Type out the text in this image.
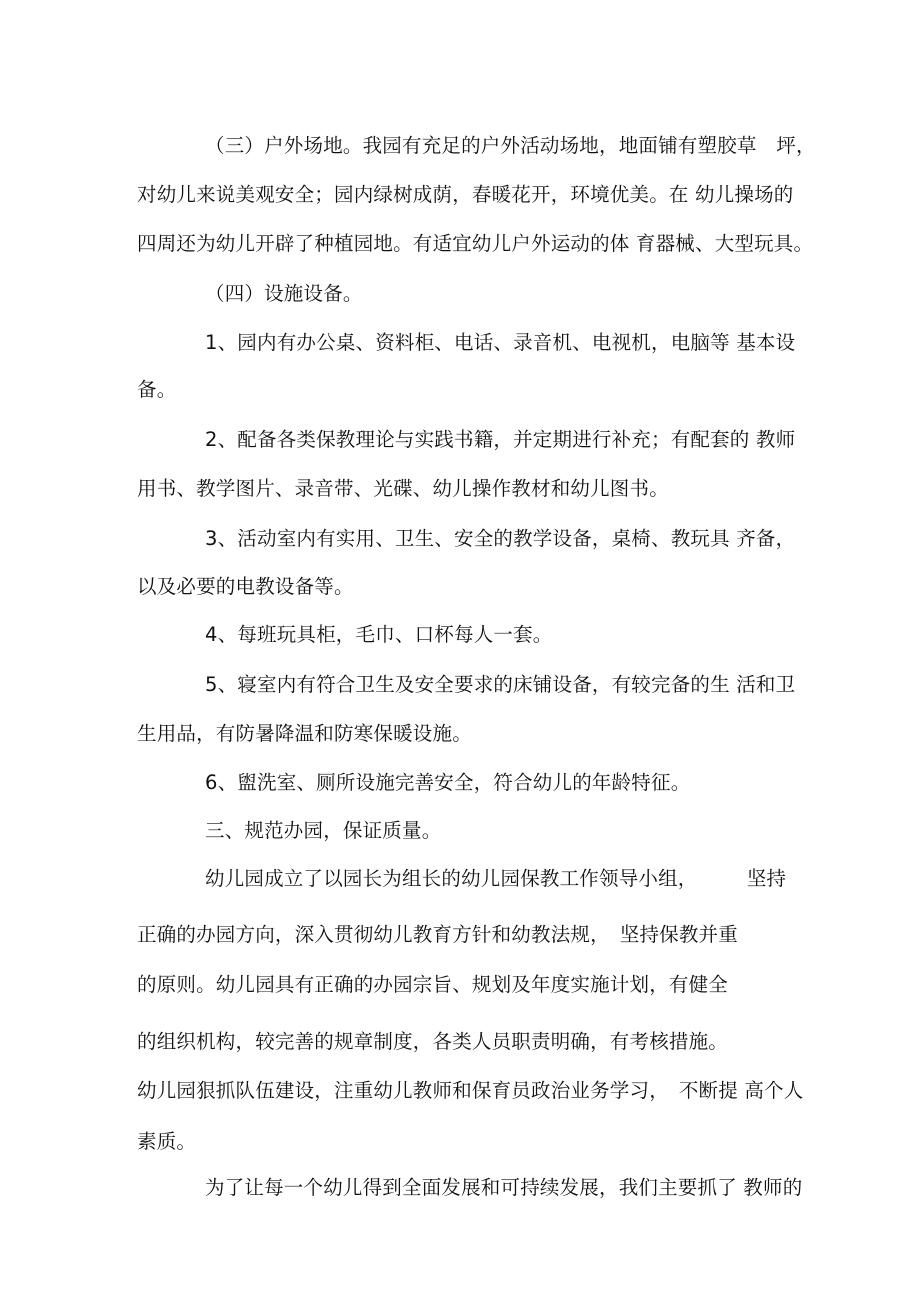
（三）户外场地。我园有充足的户外活动场地，地面铺有塑胶草　坪，
对幼儿来说美观安全；园内绿树成荫，春暖花开，环境优美。在 幼儿操场的
四周还为幼儿开辟了种植园地。有适宜幼儿户外运动的体 育器械、大型玩具。
（四）设施设备。
1、园内有办公桌、资料柜、电话、录音机、电视机，电脑等 基本设
备。
2、配备各类保教理论与实践书籍，并定期进行补充；有配套的 教师
用书、教学图片、录音带、光碟、幼儿操作教材和幼儿图书。
3、活动室内有实用、卫生、安全的教学设备，桌椅、教玩具 齐备，
以及必要的电教设备等。
4、每班玩具柜，毛巾、口杯每人一套。
5、寝室内有符合卫生及安全要求的床铺设备，有较完备的生 活和卫
生用品，有防暑降温和防寒保暖设施。
6、盥洗室、厕所设施完善安全，符合幼儿的年龄特征。
三、规范办园，保证质量。
幼儿园成立了以园长为组长的幼儿园保教工作领导小组，　　　坚持
正确的办园方向，深入贯彻幼儿教育方针和幼教法规，　坚持保教并重
的原则。幼儿园具有正确的办园宗旨、规划及年度实施计划，有健全
的组织机构，较完善的规章制度，各类人员职责明确，有考核措施。
幼儿园狠抓队伍建设，注重幼儿教师和保育员政治业务学习，　不断提 高个人
素质。
为了让每一个幼儿得到全面发展和可持续发展，我们主要抓了 教师的
